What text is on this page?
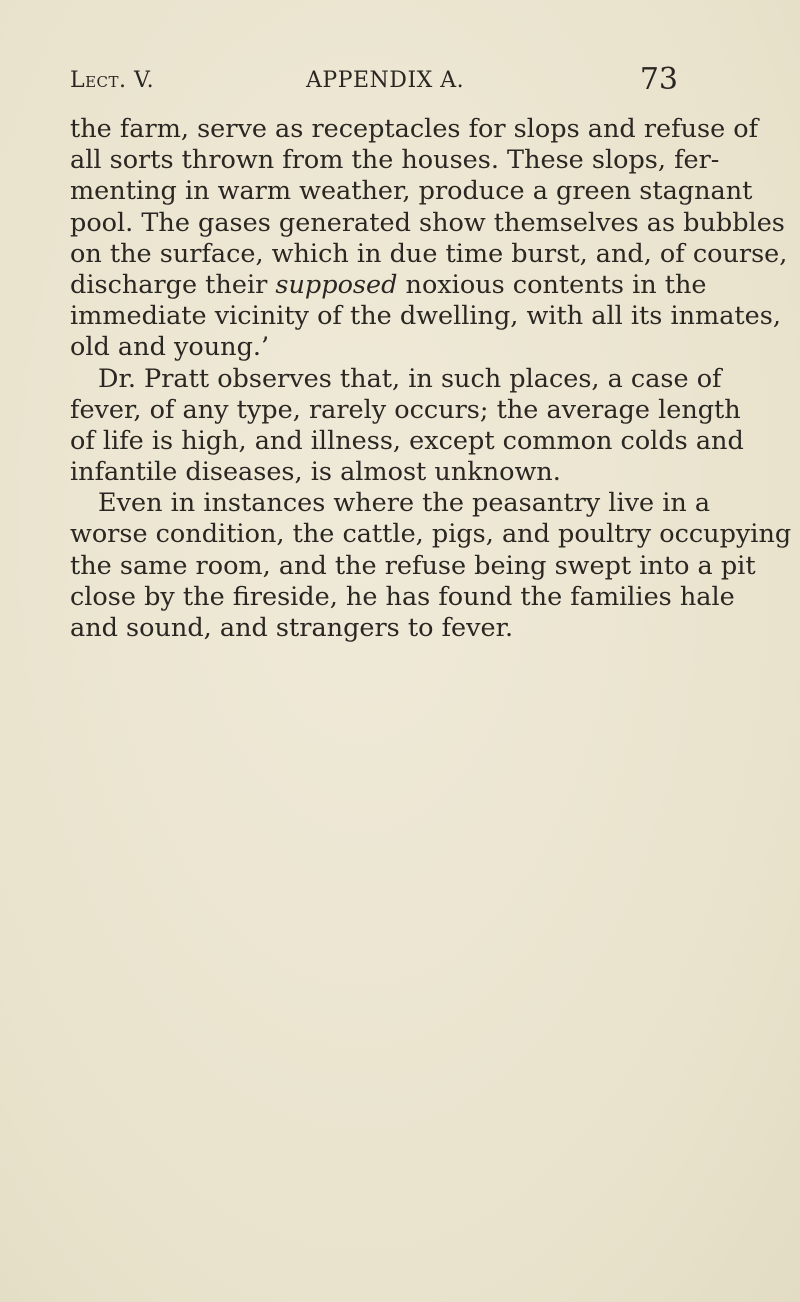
Lect. V.	APPENDIX A.	73
the farm, serve as receptacles for slops and refuse of
all sorts thrown from the houses. These slops, fer-
menting in warm weather, produce a green stagnant
pool. The gases generated show themselves as bubbles
on the surface, which in due time burst, and, of course,
discharge their supposed noxious contents in the
immediate vicinity of the dwelling, with all its inmates,
old and young.’
Dr. Pratt observes that, in such places, a case of
fever, of any type, rarely occurs; the average length
of life is high, and illness, except common colds and
infantile diseases, is almost unknown.
Even in instances where the peasantry live in a
worse condition, the cattle, pigs, and poultry occupying
the same room, and the refuse being swept into a pit
close by the fireside, he has found the families hale
and sound, and strangers to fever.
